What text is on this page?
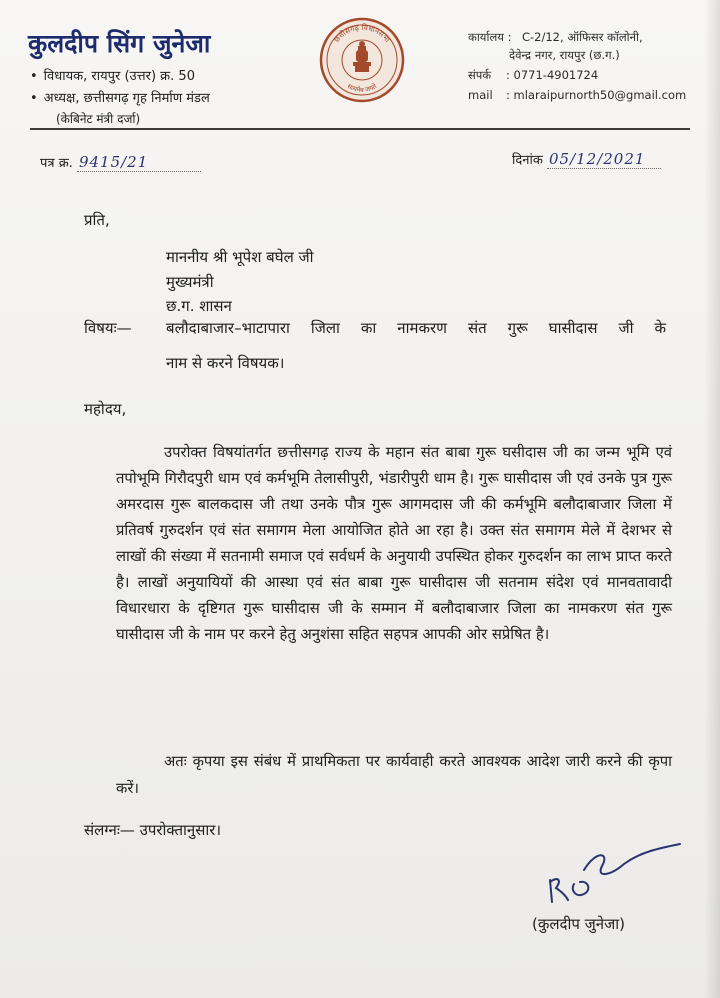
कुलदीप सिंग जुनेजा
• विधायक, रायपुर (उत्तर) क्र. 50
• अध्यक्ष, छत्तीसगढ़ गृह निर्माण मंडल
(केबिनेट मंत्री दर्जा)
छत्तीसगढ़ विधानसभा
सत्यमेव जयते
कार्यालय : C-2/12, ऑफिसर कॉलोनी,
देवेन्द्र नगर, रायपुर (छ.ग.)
संपर्क : 0771-4901724
mail : mlaraipurnorth50@gmail.com
पत्र क्र. 9415/21	दिनांक 05/12/2021
प्रति,
माननीय श्री भूपेश बघेल जी
मुख्यमंत्री
छ.ग. शासन
विषयः— बलौदाबाजार–भाटापारा जिला का नामकरण संत गुरू घासीदास जी के
नाम से करने विषयक।
महोदय,
उपरोक्त विषयांतर्गत छत्तीसगढ़ राज्य के महान संत बाबा गुरू घसीदास जी का जन्म भूमि एवं तपोभूमि गिरौदपुरी धाम एवं कर्मभूमि तेलासीपुरी, भंडारीपुरी धाम है। गुरू घासीदास जी एवं उनके पुत्र गुरू अमरदास गुरू बालकदास जी तथा उनके पौत्र गुरू आगमदास जी की कर्मभूमि बलौदाबाजार जिला में प्रतिवर्ष गुरुदर्शन एवं संत समागम मेला आयोजित होते आ रहा है। उक्त संत समागम मेले में देशभर से लाखों की संख्या में सतनामी समाज एवं सर्वधर्म के अनुयायी उपस्थित होकर गुरुदर्शन का लाभ प्राप्त करते है। लाखों अनुयायियों की आस्था एवं संत बाबा गुरू घासीदास जी सतनाम संदेश एवं मानवतावादी विधारधारा के दृष्टिगत गुरू घासीदास जी के सम्मान में बलौदाबाजार जिला का नामकरण संत गुरू घासीदास जी के नाम पर करने हेतु अनुशंसा सहित सहपत्र आपकी ओर सप्रेषित है।
अतः कृपया इस संबंध में प्राथमिकता पर कार्यवाही करते आवश्यक आदेश जारी करने की कृपा करें।
संलग्नः— उपरोक्तानुसार।
(कुलदीप जुनेजा)
